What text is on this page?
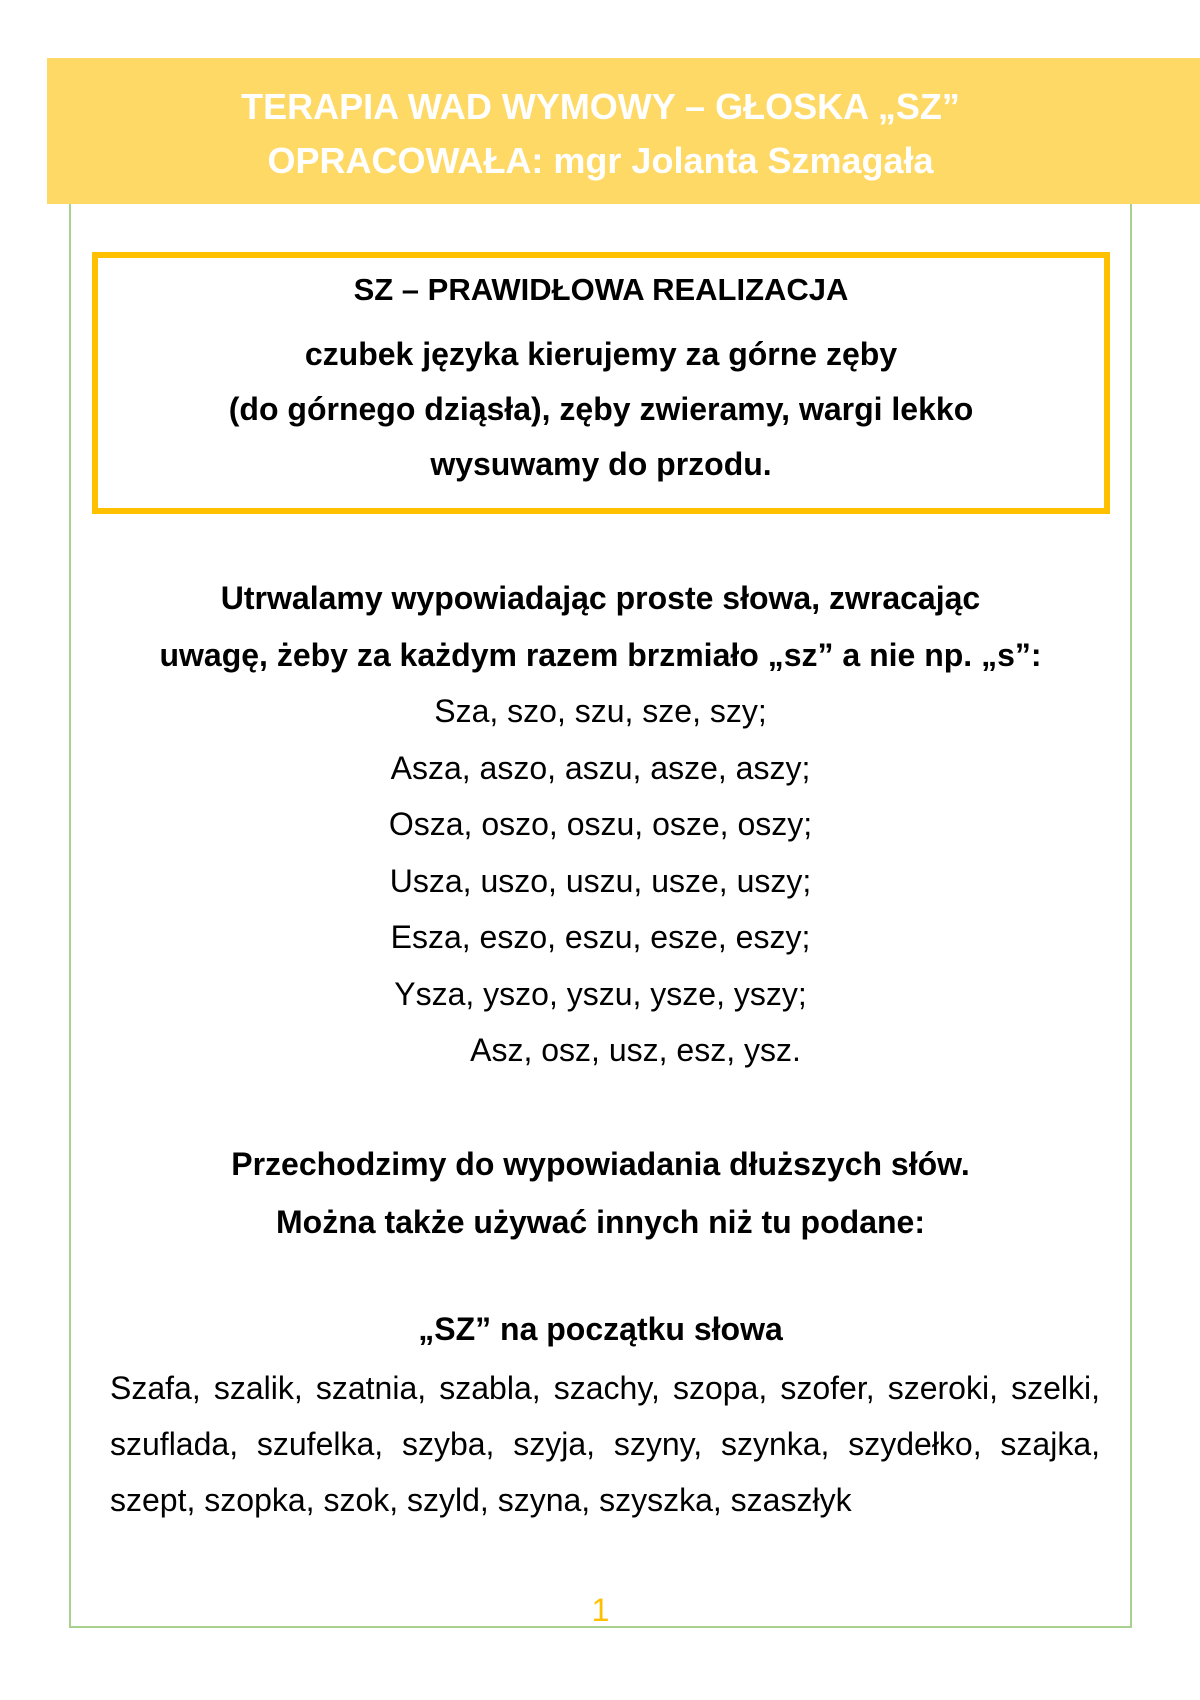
TERAPIA WAD WYMOWY – GŁOSKA „SZ”
OPRACOWAŁA: mgr Jolanta Szmagała
SZ – PRAWIDŁOWA REALIZACJA
czubek języka kierujemy za górne zęby
(do górnego dziąsła), zęby zwieramy, wargi lekko
wysuwamy do przodu.
Utrwalamy wypowiadając proste słowa, zwracając
uwagę, żeby za każdym razem brzmiało „sz” a nie np. „s”:
Sza, szo, szu, sze, szy;
Asza, aszo, aszu, asze, aszy;
Osza, oszo, oszu, osze, oszy;
Usza, uszo, uszu, usze, uszy;
Esza, eszo, eszu, esze, eszy;
Ysza, yszo, yszu, ysze, yszy;
Asz, osz, usz, esz, ysz.
Przechodzimy do wypowiadania dłuższych słów.
Można także używać innych niż tu podane:
„SZ” na początku słowa
Szafa, szalik, szatnia, szabla, szachy, szopa, szofer, szeroki, szelki, szuflada, szufelka, szyba, szyja, szyny, szynka, szydełko, szajka, szept, szopka, szok, szyld, szyna, szyszka, szaszłyk
1
